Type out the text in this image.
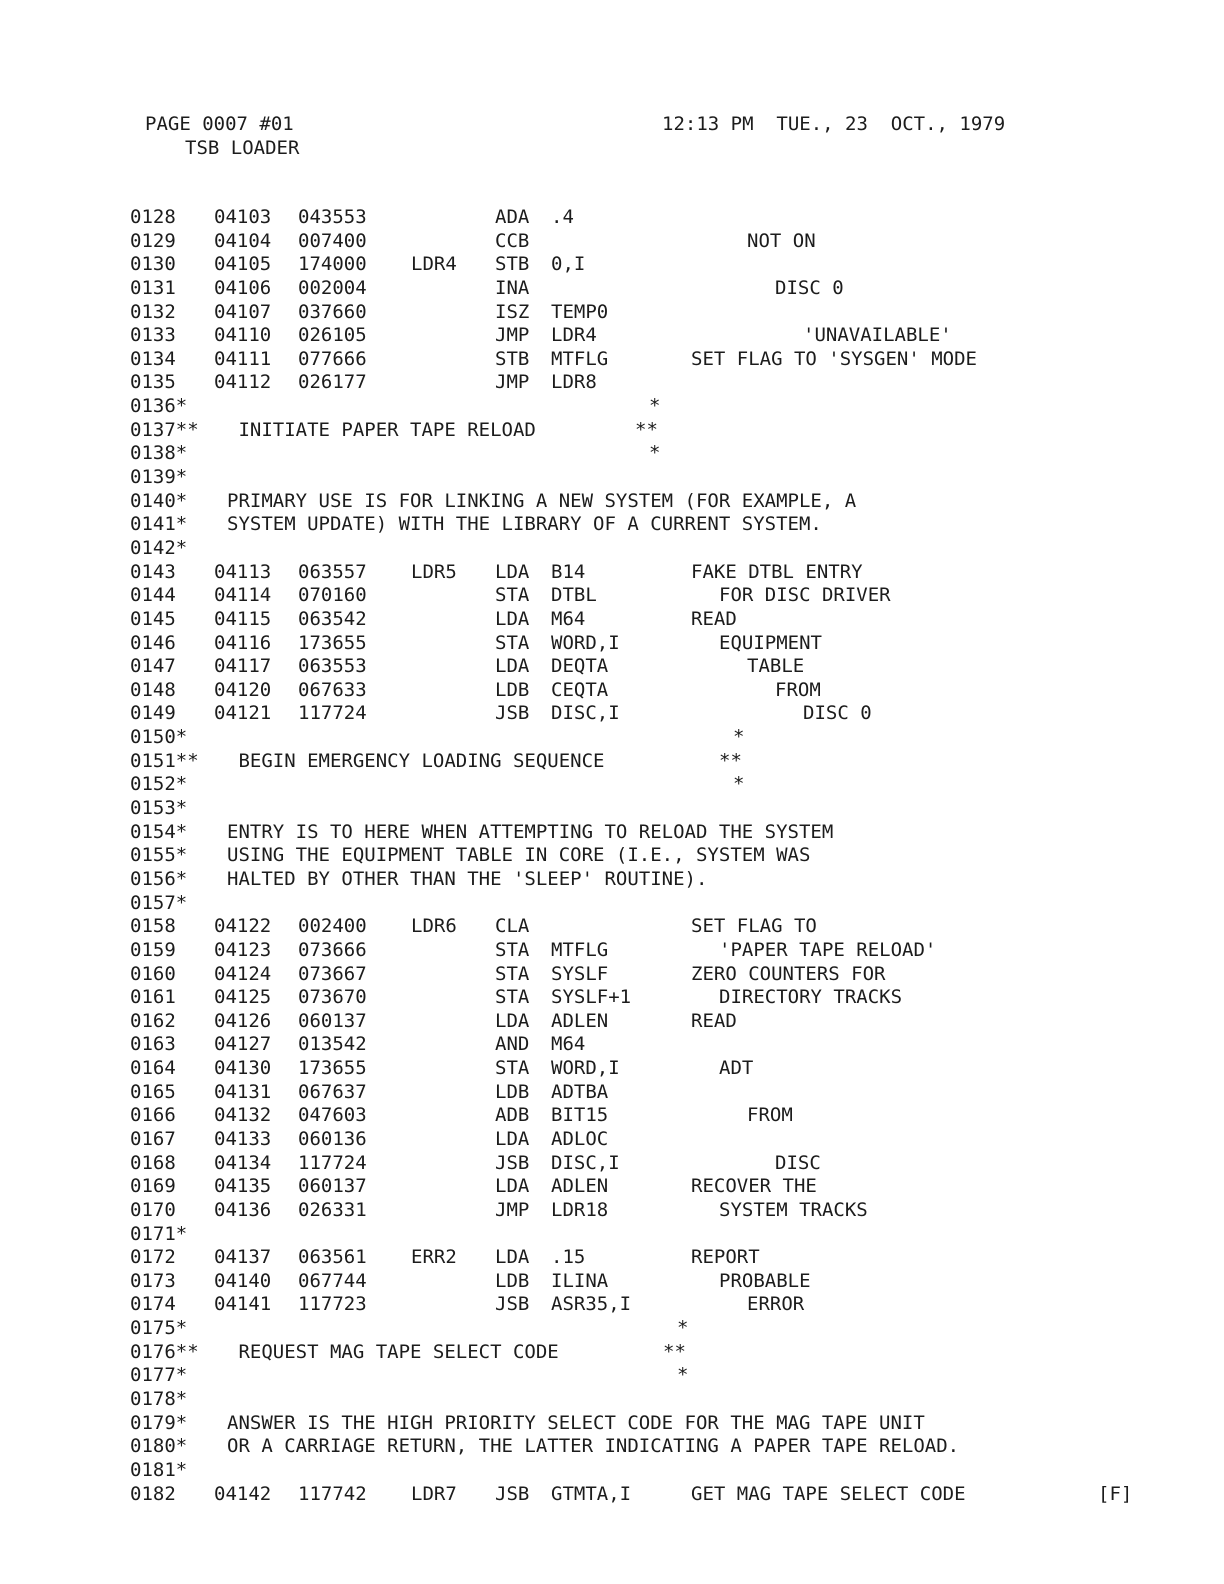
PAGE 0007 #01

	12:13 PM  TUE., 23  OCT., 1979

TSB LOADER

0128 04103 043553	ADA .4
0129 04104 007400	CCB	NOT ON
0130 04105 174000 LDR4 STB 0,I
0131 04106 002004	INA	DISC 0
0132 04107 037660	ISZ TEMP0
0133 04110 026105	JMP LDR4	'UNAVAILABLE'
0134 04111 077666	STB MTFLG	SET FLAG TO 'SYSGEN' MODE
0135 04112 026177	JMP LDR8
0136*	*
0137** INITIATE PAPER TAPE RELOAD	**
0138*	*
0139*
0140* PRIMARY USE IS FOR LINKING A NEW SYSTEM (FOR EXAMPLE, A
0141* SYSTEM UPDATE) WITH THE LIBRARY OF A CURRENT SYSTEM.
0142*
0143 04113 063557 LDR5 LDA B14	FAKE DTBL ENTRY
0144 04114 070160	STA DTBL	FOR DISC DRIVER
0145 04115 063542	LDA M64	READ
0146 04116 173655	STA WORD,I	EQUIPMENT
0147 04117 063553	LDA DEQTA	TABLE
0148 04120 067633	LDB CEQTA	FROM
0149 04121 117724	JSB DISC,I	DISC 0
0150*	*
0151** BEGIN EMERGENCY LOADING SEQUENCE	**
0152*	*
0153*
0154* ENTRY IS TO HERE WHEN ATTEMPTING TO RELOAD THE SYSTEM
0155* USING THE EQUIPMENT TABLE IN CORE (I.E., SYSTEM WAS
0156* HALTED BY OTHER THAN THE 'SLEEP' ROUTINE).
0157*
0158 04122 002400 LDR6 CLA	SET FLAG TO
0159 04123 073666	STA MTFLG	'PAPER TAPE RELOAD'
0160 04124 073667	STA SYSLF	ZERO COUNTERS FOR
0161 04125 073670	STA SYSLF+1	DIRECTORY TRACKS
0162 04126 060137	LDA ADLEN	READ
0163 04127 013542	AND M64
0164 04130 173655	STA WORD,I	ADT
0165 04131 067637	LDB ADTBA
0166 04132 047603	ADB BIT15	FROM
0167 04133 060136	LDA ADLOC
0168 04134 117724	JSB DISC,I	DISC
0169 04135 060137	LDA ADLEN	RECOVER THE
0170 04136 026331	JMP LDR18	SYSTEM TRACKS
0171*
0172 04137 063561 ERR2 LDA .15	REPORT
0173 04140 067744	LDB ILINA	PROBABLE
0174 04141 117723	JSB ASR35,I	ERROR
0175*	*
0176** REQUEST MAG TAPE SELECT CODE	**
0177*	*
0178*
0179* ANSWER IS THE HIGH PRIORITY SELECT CODE FOR THE MAG TAPE UNIT
0180* OR A CARRIAGE RETURN, THE LATTER INDICATING A PAPER TAPE RELOAD.
0181*
0182 04142 117742 LDR7 JSB GTMTA,I	GET MAG TAPE SELECT CODE	[F]
